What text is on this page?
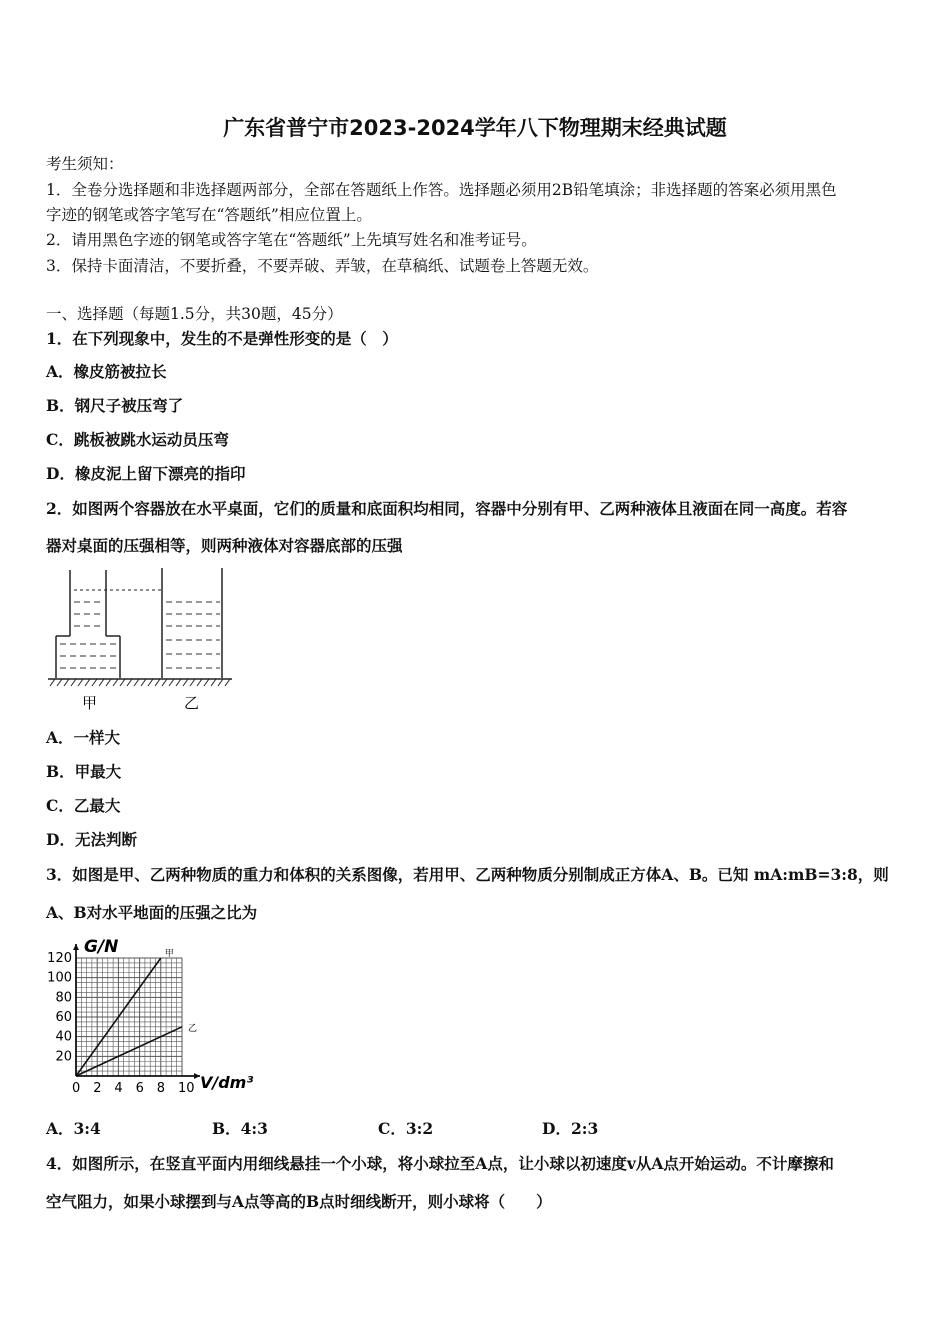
广东省普宁市2023-2024学年八下物理期末经典试题
考生须知：
1．全卷分选择题和非选择题两部分，全部在答题纸上作答。选择题必须用2B铅笔填涂；非选择题的答案必须用黑色
字迹的钢笔或答字笔写在“答题纸”相应位置上。
2．请用黑色字迹的钢笔或答字笔在“答题纸”上先填写姓名和准考证号。
3．保持卡面清洁，不要折叠，不要弄破、弄皱，在草稿纸、试题卷上答题无效。
一、选择题（每题1.5分，共30题，45分）
1．在下列现象中，发生的不是弹性形变的是（　）
A．橡皮筋被拉长
B．钢尺子被压弯了
C．跳板被跳水运动员压弯
D．橡皮泥上留下漂亮的指印
2．如图两个容器放在水平桌面，它们的质量和底面积均相同，容器中分别有甲、乙两种液体且液面在同一高度。若容
器对桌面的压强相等，则两种液体对容器底部的压强
甲	乙
A．一样大
B．甲最大
C．乙最大
D．无法判断
3．如图是甲、乙两种物质的重力和体积的关系图像，若用甲、乙两种物质分别制成正方体A、B。已知 mA:mB=3:8，则
A、B对水平地面的压强之比为
甲
乙
0 2 4 6 8 10
20
40
60
80
100
120
G/N
V/dm³
A．3:4	B．4:3	C．3:2	D．2:3
4．如图所示，在竖直平面内用细线悬挂一个小球，将小球拉至A点，让小球以初速度v从A点开始运动。不计摩擦和
空气阻力，如果小球摆到与A点等高的B点时细线断开，则小球将（　　）
